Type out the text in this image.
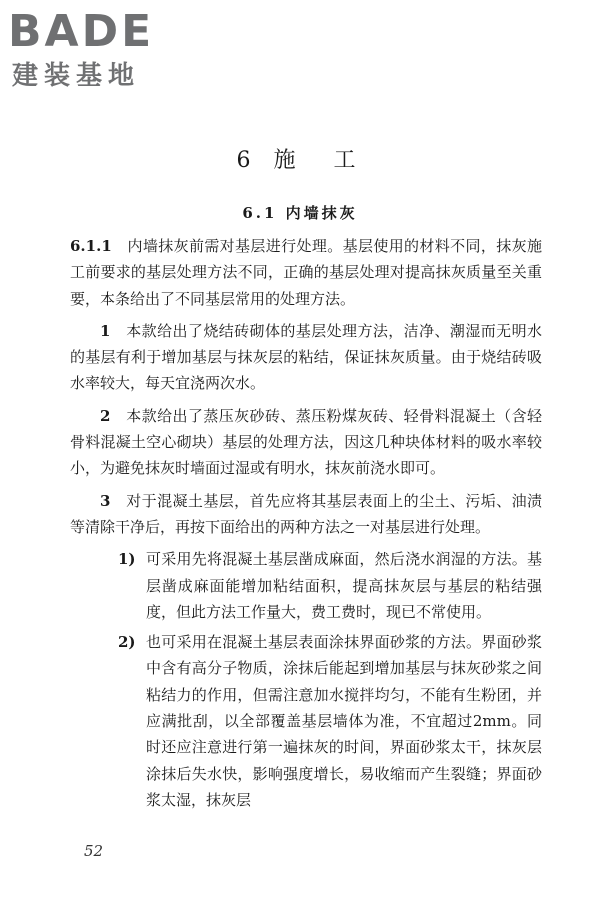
BADE
建装基地
6 施　工
6.1 内墙抹灰

6.1.1　 内墙抹灰前需对基层进行处理。基层使用的材料不同，抹灰施工前要求的基层处理方法不同，正确的基层处理对提高抹灰质量至关重要，本条给出了不同基层常用的处理方法。

1　 本款给出了烧结砖砌体的基层处理方法，洁净、潮湿而无明水的基层有利于增加基层与抹灰层的粘结，保证抹灰质量。由于烧结砖吸水率较大，每天宜浇两次水。

2　 本款给出了蒸压灰砂砖、蒸压粉煤灰砖、轻骨料混凝土（含轻骨料混凝土空心砌块）基层的处理方法，因这几种块体材料的吸水率较小，为避免抹灰时墙面过湿或有明水，抹灰前浇水即可。

3　 对于混凝土基层，首先应将其基层表面上的尘土、污垢、油渍等清除干净后，再按下面给出的两种方法之一对基层进行处理。

1) 可采用先将混凝土基层凿成麻面，然后浇水润湿的方法。基层凿成麻面能增加粘结面积，提高抹灰层与基层的粘结强度，但此方法工作量大，费工费时，现已不常使用。
2) 也可采用在混凝土基层表面涂抹界面砂浆的方法。界面砂浆中含有高分子物质，涂抹后能起到增加基层与抹灰砂浆之间粘结力的作用，但需注意加水搅拌均匀，不能有生粉团，并应满批刮，以全部覆盖基层墙体为准，不宜超过2mm。同时还应注意进行第一遍抹灰的时间，界面砂浆太干，抹灰层涂抹后失水快，影响强度增长，易收缩而产生裂缝；界面砂浆太湿，抹灰层
52
